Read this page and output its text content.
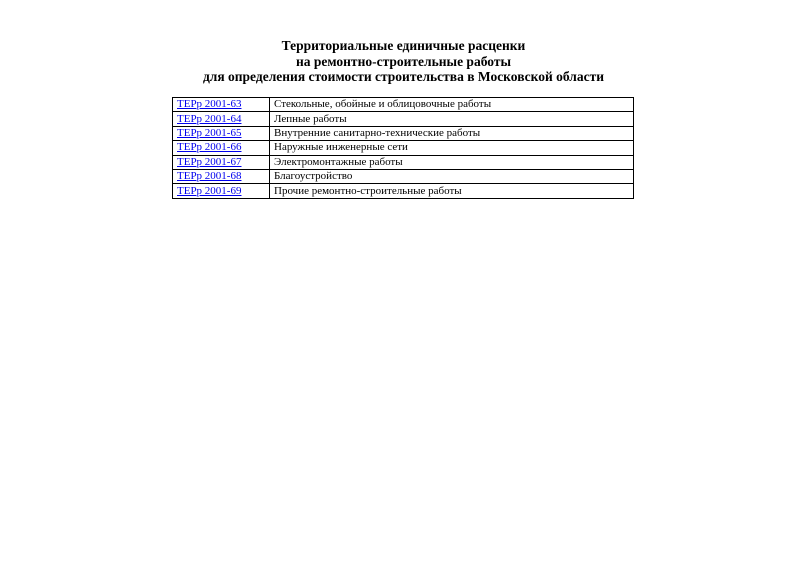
Территориальные единичные расценки
на ремонтно-строительные работы
для определения стоимости строительства в Московской области
ТЕРр 2001-63	Стекольные, обойные и облицовочные работы
ТЕРр 2001-64	Лепные работы
ТЕРр 2001-65	Внутренние санитарно-технические работы
ТЕРр 2001-66	Наружные инженерные сети
ТЕРр 2001-67	Электромонтажные работы
ТЕРр 2001-68	Благоустройство
ТЕРр 2001-69	Прочие ремонтно-строительные работы
